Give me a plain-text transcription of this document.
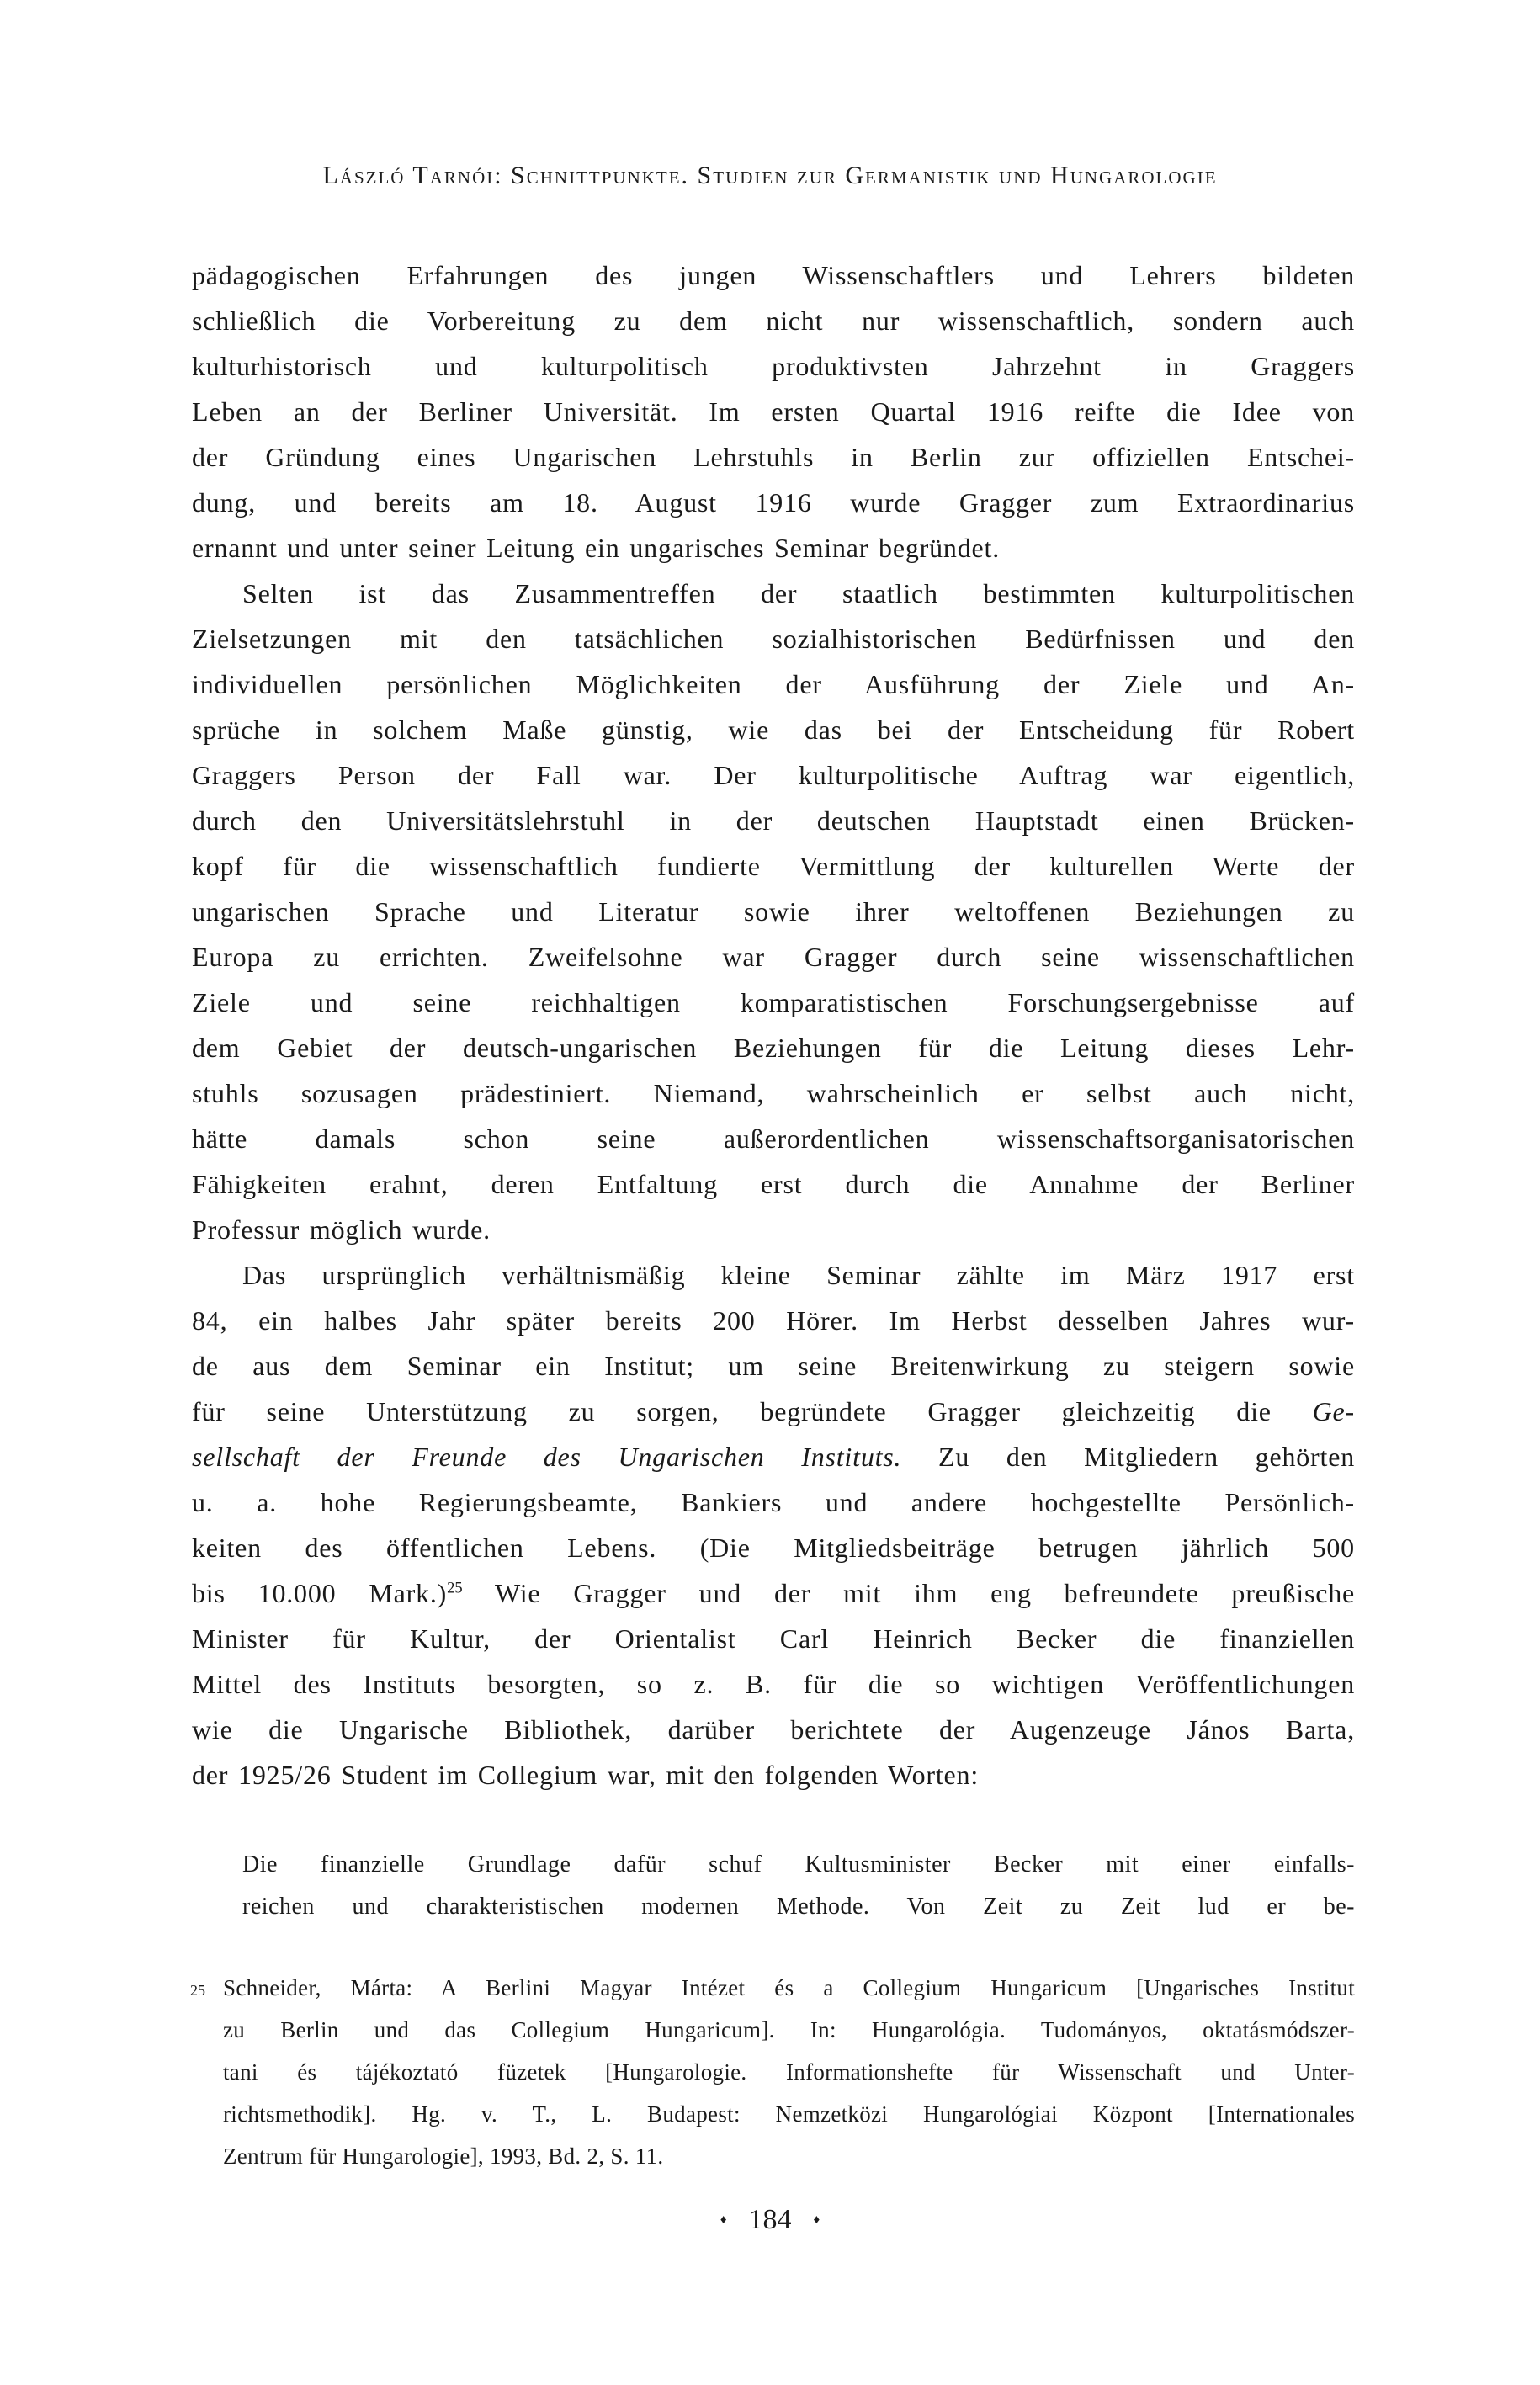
László Tarnói: Schnittpunkte. Studien zur Germanistik und Hungarologie
pädagogischen Erfahrungen des jungen Wissenschaftlers und Lehrers bildeten
schließlich die Vorbereitung zu dem nicht nur wissenschaftlich, sondern auch
kulturhistorisch und kulturpolitisch produktivsten Jahrzehnt in Graggers
Leben an der Berliner Universität. Im ersten Quartal 1916 reifte die Idee von
der Gründung eines Ungarischen Lehrstuhls in Berlin zur offiziellen Entschei-
dung, und bereits am 18. August 1916 wurde Gragger zum Extraordinarius
ernannt und unter seiner Leitung ein ungarisches Seminar begründet.
Selten ist das Zusammentreffen der staatlich bestimmten kulturpolitischen
Zielsetzungen mit den tatsächlichen sozialhistorischen Bedürfnissen und den
individuellen persönlichen Möglichkeiten der Ausführung der Ziele und An-
sprüche in solchem Maße günstig, wie das bei der Entscheidung für Robert
Graggers Person der Fall war. Der kulturpolitische Auftrag war eigentlich,
durch den Universitätslehrstuhl in der deutschen Hauptstadt einen Brücken-
kopf für die wissenschaftlich fundierte Vermittlung der kulturellen Werte der
ungarischen Sprache und Literatur sowie ihrer weltoffenen Beziehungen zu
Europa zu errichten. Zweifelsohne war Gragger durch seine wissenschaftlichen
Ziele und seine reichhaltigen komparatistischen Forschungsergebnisse auf
dem Gebiet der deutsch-ungarischen Beziehungen für die Leitung dieses Lehr-
stuhls sozusagen prädestiniert. Niemand, wahrscheinlich er selbst auch nicht,
hätte damals schon seine außerordentlichen wissenschaftsorganisatorischen
Fähigkeiten erahnt, deren Entfaltung erst durch die Annahme der Berliner
Professur möglich wurde.
Das ursprünglich verhältnismäßig kleine Seminar zählte im März 1917 erst
84, ein halbes Jahr später bereits 200 Hörer. Im Herbst desselben Jahres wur-
de aus dem Seminar ein Institut; um seine Breitenwirkung zu steigern sowie
für seine Unterstützung zu sorgen, begründete Gragger gleichzeitig die Ge-
sellschaft der Freunde des Ungarischen Instituts. Zu den Mitgliedern gehörten
u. a. hohe Regierungsbeamte, Bankiers und andere hochgestellte Persönlich-
keiten des öffentlichen Lebens. (Die Mitgliedsbeiträge betrugen jährlich 500
bis 10.000 Mark.)$^{25}$ Wie Gragger und der mit ihm eng befreundete preußische
Minister für Kultur, der Orientalist Carl Heinrich Becker die finanziellen
Mittel des Instituts besorgten, so z. B. für die so wichtigen Veröffentlichungen
wie die Ungarische Bibliothek, darüber berichtete der Augenzeuge János Barta,
der 1925/26 Student im Collegium war, mit den folgenden Worten:
Die finanzielle Grundlage dafür schuf Kultusminister Becker mit einer einfalls-
reichen und charakteristischen modernen Methode. Von Zeit zu Zeit lud er be-
25 Schneider, Márta: A Berlini Magyar Intézet és a Collegium Hungaricum [Ungarisches Institut
zu Berlin und das Collegium Hungaricum]. In: Hungarológia. Tudományos, oktatásmódszer-
tani és tájékoztató füzetek [Hungarologie. Informationshefte für Wissenschaft und Unter-
richtsmethodik]. Hg. v. T., L. Budapest: Nemzetközi Hungarológiai Központ [Internationales
Zentrum für Hungarologie], 1993, Bd. 2, S. 11.
♦ 184 ♦
